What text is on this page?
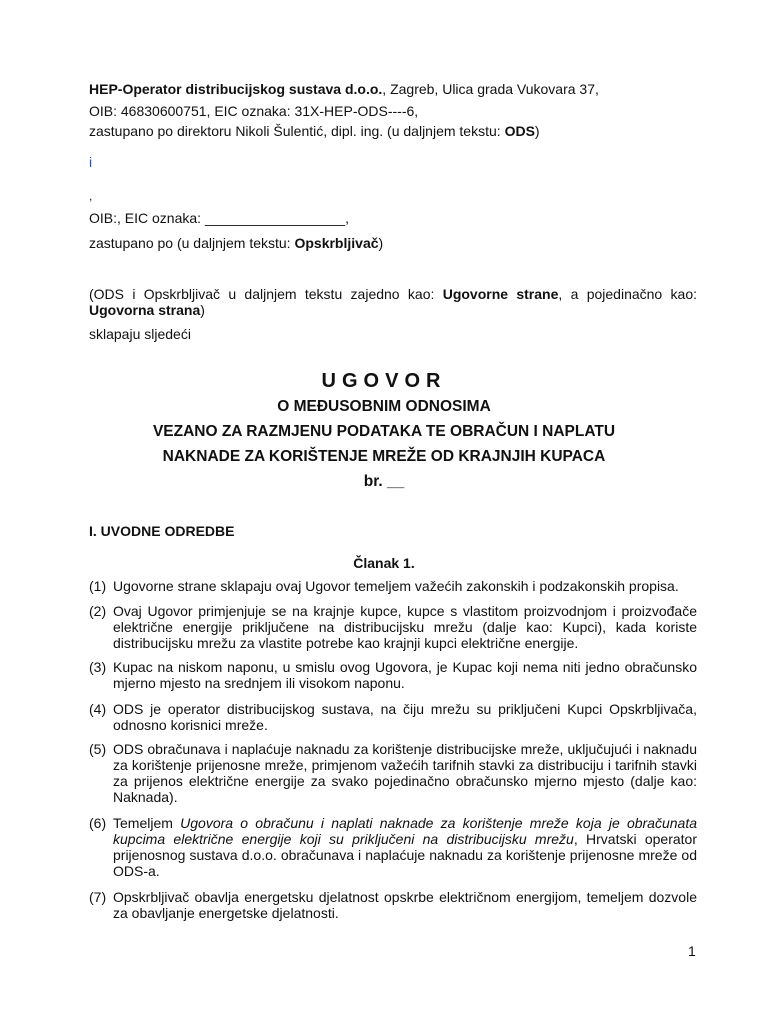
HEP-Operator distribucijskog sustava d.o.o., Zagreb, Ulica grada Vukovara 37,
OIB: 46830600751, EIC oznaka: 31X-HEP-ODS----6,
zastupano po direktoru Nikoli Šulentić, dipl. ing. (u daljnjem tekstu: ODS)
i
,
OIB:, EIC oznaka: __________________,
zastupano po (u daljnjem tekstu: Opskrbljivač)
(ODS i Opskrbljivač u daljnjem tekstu zajedno kao: Ugovorne strane, a pojedinačno kao: Ugovorna strana)
sklapaju sljedeći
UGOVOR
O MEĐUSOBNIM ODNOSIMA
VEZANO ZA RAZMJENU PODATAKA TE OBRAČUN I NAPLATU
NAKNADE ZA KORIŠTENJE MREŽE OD KRAJNJIH KUPACA
br. __
I. UVODNE ODREDBE
Članak 1.
(1) Ugovorne strane sklapaju ovaj Ugovor temeljem važećih zakonskih i podzakonskih propisa.
(2) Ovaj Ugovor primjenjuje se na krajnje kupce, kupce s vlastitom proizvodnjom i proizvođače električne energije priključene na distribucijsku mrežu (dalje kao: Kupci), kada koriste distribucijsku mrežu za vlastite potrebe kao krajnji kupci električne energije.
(3) Kupac na niskom naponu, u smislu ovog Ugovora, je Kupac koji nema niti jedno obračunsko mjerno mjesto na srednjem ili visokom naponu.
(4) ODS je operator distribucijskog sustava, na čiju mrežu su priključeni Kupci Opskrbljivača, odnosno korisnici mreže.
(5) ODS obračunava i naplaćuje naknadu za korištenje distribucijske mreže, uključujući i naknadu za korištenje prijenosne mreže, primjenom važećih tarifnih stavki za distribuciju i tarifnih stavki za prijenos električne energije za svako pojedinačno obračunsko mjerno mjesto (dalje kao: Naknada).
(6) Temeljem Ugovora o obračunu i naplati naknade za korištenje mreže koja je obračunata kupcima električne energije koji su priključeni na distribucijsku mrežu, Hrvatski operator prijenosnog sustava d.o.o. obračunava i naplaćuje naknadu za korištenje prijenosne mreže od ODS-a.
(7) Opskrbljivač obavlja energetsku djelatnost opskrbe električnom energijom, temeljem dozvole za obavljanje energetske djelatnosti.
1
